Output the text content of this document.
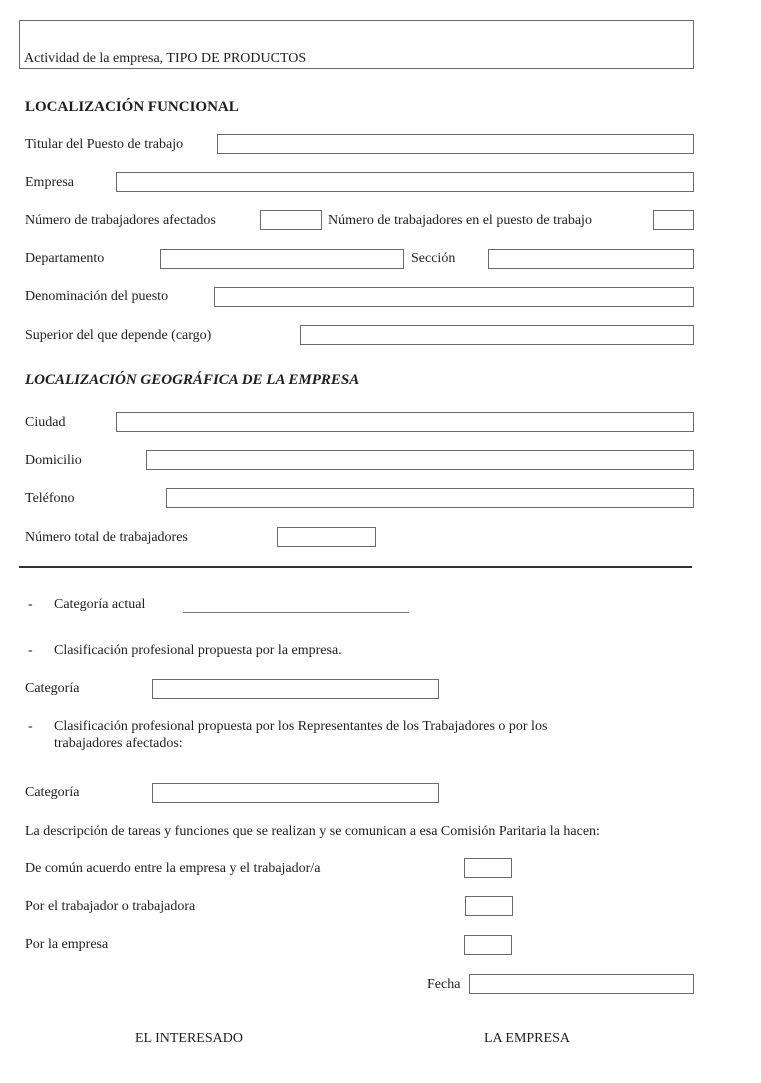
Actividad de la empresa, TIPO DE PRODUCTOS
LOCALIZACIÓN FUNCIONAL
Titular del Puesto de trabajo
Empresa
Número de trabajadores afectados	Número de trabajadores en el puesto de trabajo
Departamento	Sección
Denominación del puesto
Superior del que depende (cargo)
LOCALIZACIÓN GEOGRÁFICA DE LA EMPRESA
Ciudad
Domicilio
Teléfono
Número total de trabajadores
- Categoría actual
- Clasificación profesional propuesta por la empresa.
Categoría
- Clasificación profesional propuesta por los Representantes de los Trabajadores o por los
trabajadores afectados:
Categoría
La descripción de tareas y funciones que se realizan y se comunican a esa Comisión Paritaria la hacen:
De común acuerdo entre la empresa y el trabajador/a
Por el trabajador o trabajadora
Por la empresa
Fecha
EL INTERESADO	LA EMPRESA
